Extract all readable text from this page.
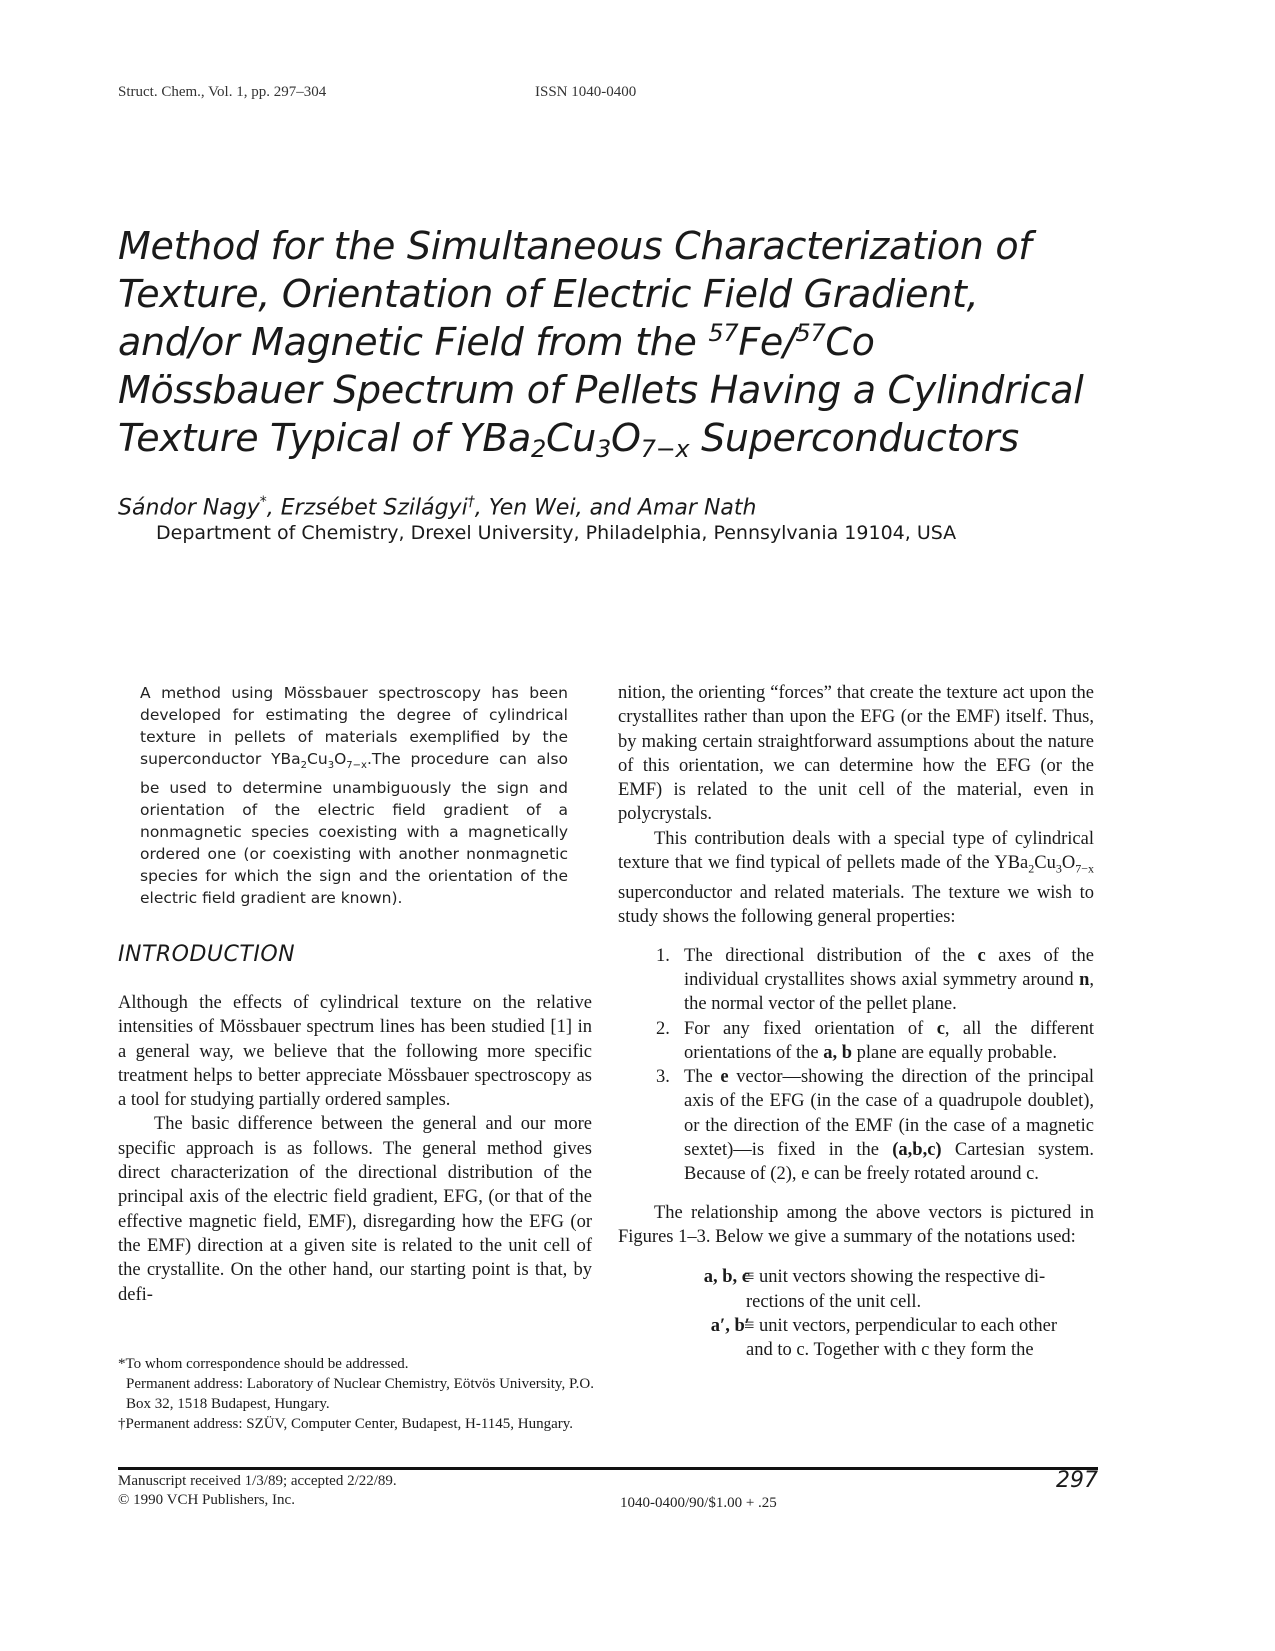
Struct. Chem., Vol. 1, pp. 297–304	ISSN 1040-0400
Method for the Simultaneous Characterization of
Texture, Orientation of Electric Field Gradient,
and/or Magnetic Field from the $^{57}$Fe/$^{57}$Co
Mössbauer Spectrum of Pellets Having a Cylindrical
Texture Typical of $YBa_2Cu_3O_{7-x}$ Superconductors
Sándor Nagy*, Erzsébet Szilágyi†, Yen Wei, and Amar Nath
Department of Chemistry, Drexel University, Philadelphia, Pennsylvania 19104, USA

A method using Mössbauer spectroscopy has been developed for estimating the degree of cylindrical texture in pellets of materials exemplified by the superconductor $YBa_2Cu_3O_{7-x}.The$ procedure can also be used to determine unambiguously the sign and orientation of the electric field gradient of a nonmagnetic species coexisting with a magnetically ordered one (or coexisting with another nonmagnetic species for which the sign and the orientation of the electric field gradient are known).

INTRODUCTION

Although the effects of cylindrical texture on the relative intensities of Mössbauer spectrum lines has been studied [1] in a general way, we believe that the following more specific treatment helps to better appreciate Mössbauer spectroscopy as a tool for studying partially ordered samples.

The basic difference between the general and our more specific approach is as follows. The general method gives direct characterization of the directional distribution of the principal axis of the electric field gradient, EFG, (or that of the effective magnetic field, EMF), disregarding how the EFG (or the EMF) direction at a given site is related to the unit cell of the crystallite. On the other hand, our starting point is that, by defi-

*To whom correspondence should be addressed.

Permanent address: Laboratory of Nuclear Chemistry, Eötvös University, P.O. Box 32, 1518 Budapest, Hungary.

†Permanent address: SZÜV, Computer Center, Budapest, H-1145, Hungary.

nition, the orienting “forces” that create the texture act upon the crystallites rather than upon the EFG (or the EMF) itself. Thus, by making certain straightforward assumptions about the nature of this orientation, we can determine how the EFG (or the EMF) is related to the unit cell of the material, even in polycrystals.

This contribution deals with a special type of cylindrical texture that we find typical of pellets made of the $YBa_2Cu_3O_{7-x}$ superconductor and related materials. The texture we wish to study shows the following general properties:

1. The directional distribution of the c axes of the individual crystallites shows axial symmetry around n, the normal vector of the pellet plane.
2. For any fixed orientation of c, all the different orientations of the a, b plane are equally probable.
3. The e vector—showing the direction of the principal axis of the EFG (in the case of a quadrupole doublet), or the direction of the EMF (in the case of a magnetic sextet)—is fixed in the (a,b,c) Cartesian system. Because of (2), e can be freely rotated around c.

The relationship among the above vectors is pictured in Figures 1–3. Below we give a summary of the notations used:

a, b, c
≡ unit vectors showing the respective di-
rections of the unit cell.
a′, b′
≡ unit vectors, perpendicular to each other
and to c. Together with c they form the
Manuscript received 1/3/89; accepted 2/22/89.
© 1990 VCH Publishers, Inc.	1040-0400/90/$1.00 + .25
297
